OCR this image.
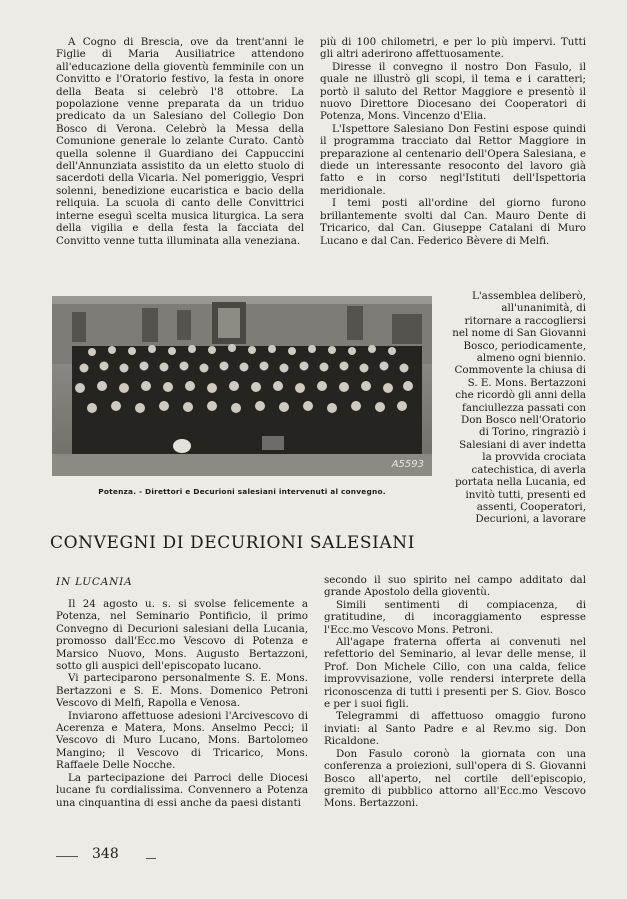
A Cogno di Brescia, ove da trent'anni le Figlie di Maria Ausiliatrice attendono all'educazione della gioventù femminile con un Convitto e l'Oratorio festivo, la festa in onore della Beata si celebrò l'8 ottobre. La popolazione venne preparata da un triduo predicato da un Salesiano del Collegio Don Bosco di Verona. Celebrò la Messa della Comunione generale lo zelante Curato. Cantò quella solenne il Guardiano dei Cappuccini dell'Annunziata assistito da un eletto stuolo di sacerdoti della Vicaria. Nel pomeriggio, Vespri solenni, benedizione eucaristica e bacio della reliquia. La scuola di canto delle Convittrici interne eseguì scelta musica liturgica. La sera della vigilia e della festa la facciata del Convitto venne tutta illuminata alla veneziana.

più di 100 chilometri, e per lo più impervi. Tutti gli altri aderirono affettuosamente.

Diresse il convegno il nostro Don Fasulo, il quale ne illustrò gli scopi, il tema e i caratteri; portò il saluto del Rettor Maggiore e presentò il nuovo Direttore Diocesano dei Cooperatori di Potenza, Mons. Vincenzo d'Elia.

L'Ispettore Salesiano Don Festini espose quindi il programma tracciato dal Rettor Maggiore in preparazione al centenario dell'Opera Salesiana, e diede un interessante resoconto del lavoro già fatto e in corso negl'Istituti dell'Ispettoria meridionale.

I temi posti all'ordine del giorno furono brillantemente svolti dal Can. Mauro Dente di Tricarico, dal Can. Giuseppe Catalani di Muro Lucano e dal Can. Federico Bèvere di Melfi.

A5593
Potenza. - Direttori e Decurioni salesiani intervenuti al convegno.

L'assemblea deliberò, all'unanimità, di ritornare a raccogliersi nel nome di San Giovanni Bosco, periodicamente, almeno ogni biennio. Commovente la chiusa di S. E. Mons. Bertazzoni che ricordò gli anni della fanciullezza passati con Don Bosco nell'Oratorio di Torino, ringraziò i Salesiani di aver indetta la provvida crociata catechistica, di averla portata nella Lucania, ed invitò tutti, presenti ed assenti, Cooperatori, Decurioni, a lavorare

CONVEGNI DI DECURIONI SALESIANI
IN LUCANIA

Il 24 agosto u. s. si svolse felicemente a Potenza, nel Seminario Pontificio, il primo Convegno di Decurioni salesiani della Lucania, promosso dall'Ecc.mo Vescovo di Potenza e Marsico Nuovo, Mons. Augusto Bertazzoni, sotto gli auspici dell'episcopato lucano.

Vi parteciparono personalmente S. E. Mons. Bertazzoni e S. E. Mons. Domenico Petroni Vescovo di Melfi, Rapolla e Venosa.

Inviarono affettuose adesioni l'Arcivescovo di Acerenza e Matera, Mons. Anselmo Pecci; il Vescovo di Muro Lucano, Mons. Bartolomeo Mangino; il Vescovo di Tricarico, Mons. Raffaele Delle Nocche.

La partecipazione dei Parroci delle Diocesi lucane fu cordialissima. Convennero a Potenza una cinquantina di essi anche da paesi distanti

secondo il suo spirito nel campo additato dal grande Apostolo della gioventù.

Simili sentimenti di compiacenza, di gratitudine, di incoraggiamento espresse l'Ecc.mo Vescovo Mons. Petroni.

All'agape fraterna offerta ai convenuti nel refettorio del Seminario, al levar delle mense, il Prof. Don Michele Cillo, con una calda, felice improvvisazione, volle rendersi interprete della riconoscenza di tutti i presenti per S. Giov. Bosco e per i suoi figli.

Telegrammi di affettuoso omaggio furono inviati: al Santo Padre e al Rev.mo sig. Don Ricaldone.

Don Fasulo coronò la giornata con una conferenza a proiezioni, sull'opera di S. Giovanni Bosco all'aperto, nel cortile dell'episcopio, gremito di pubblico attorno all'Ecc.mo Vescovo Mons. Bertazzoni.

348
